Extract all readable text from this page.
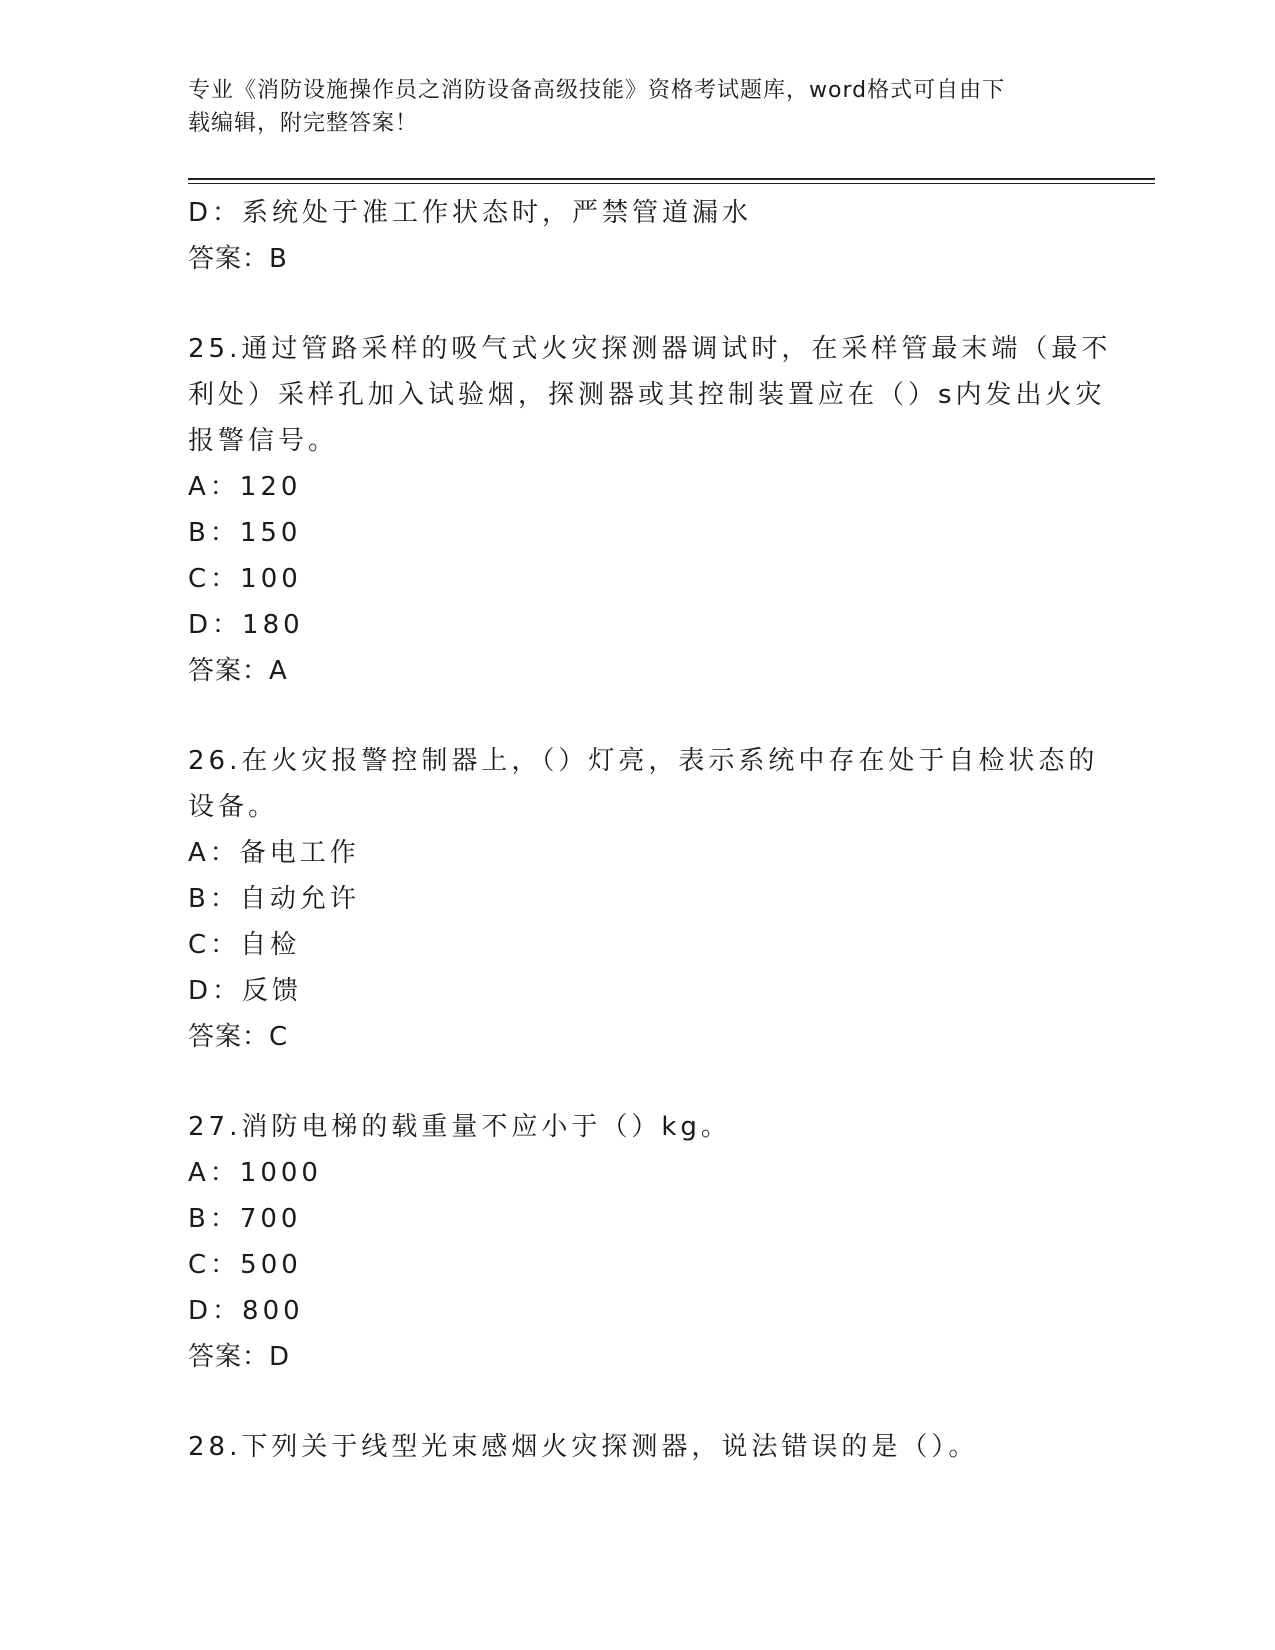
专业《消防设施操作员之消防设备高级技能》资格考试题库，word格式可自由下
载编辑，附完整答案！

D：系统处于准工作状态时，严禁管道漏水

答案：B

25.通过管路采样的吸气式火灾探测器调试时，在采样管最末端（最不

利处）采样孔加入试验烟，探测器或其控制装置应在（）s内发出火灾

报警信号。

A：120

B：150

C：100

D：180

答案：A

26.在火灾报警控制器上，（）灯亮，表示系统中存在处于自检状态的

设备。

A：备电工作

B：自动允许

C：自检

D：反馈

答案：C

27.消防电梯的载重量不应小于（）kg。

A：1000

B：700

C：500

D：800

答案：D

28.下列关于线型光束感烟火灾探测器，说法错误的是（）。
